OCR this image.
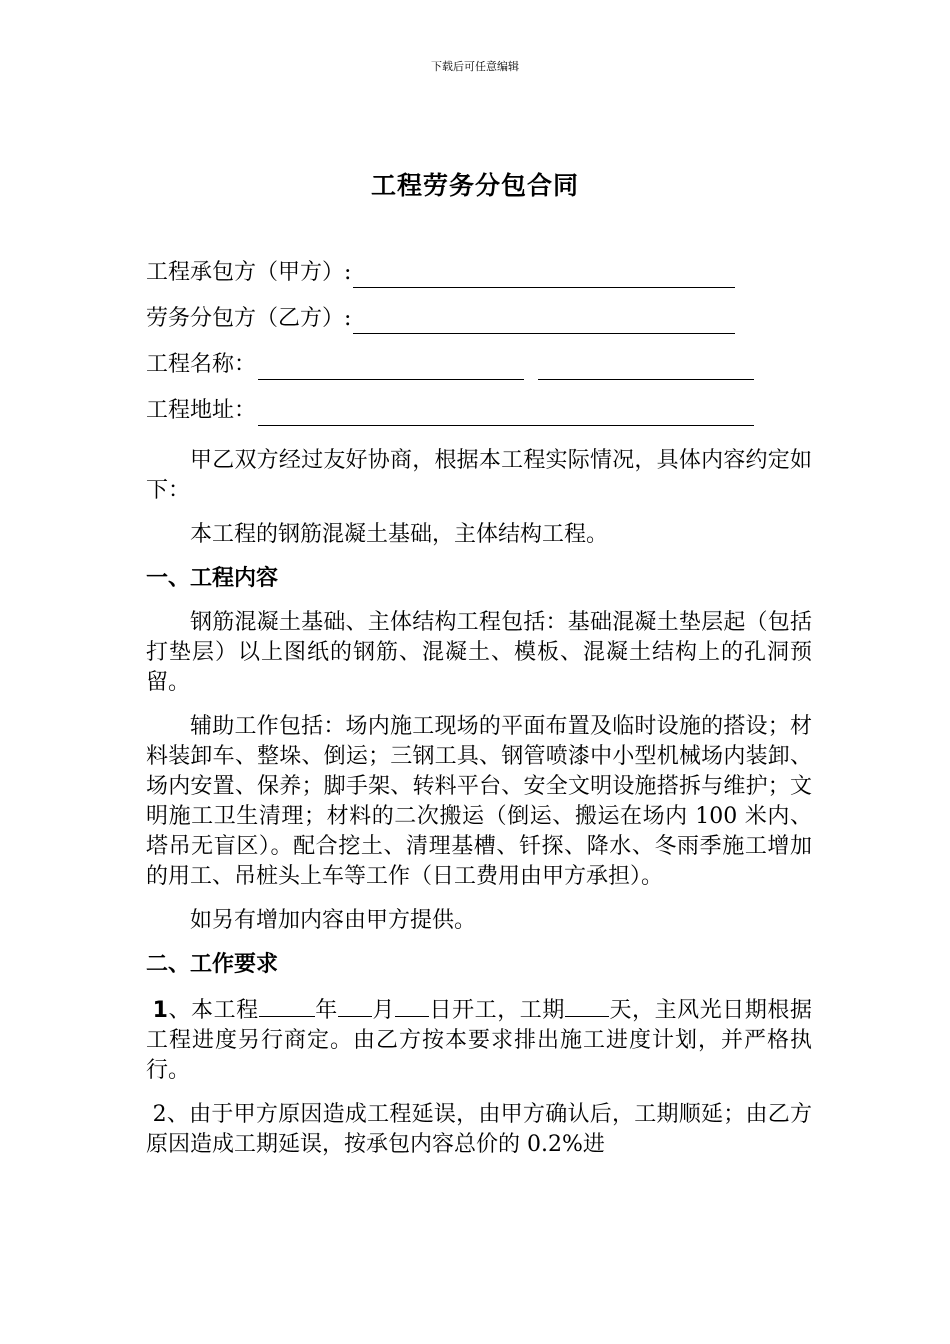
下载后可任意编辑
工程劳务分包合同
工程承包方（甲方）:
劳务分包方（乙方）:
工程名称：
工程地址：

甲乙双方经过友好协商，根据本工程实际情况，具体内容约定如下：

本工程的钢筋混凝土基础，主体结构工程。

一、工程内容

钢筋混凝土基础、主体结构工程包括：基础混凝土垫层起（包括打垫层）以上图纸的钢筋、混凝土、模板、混凝土结构上的孔洞预留。

辅助工作包括：场内施工现场的平面布置及临时设施的搭设；材料装卸车、整垛、倒运；三钢工具、钢管喷漆中小型机械场内装卸、场内安置、保养；脚手架、转料平台、安全文明设施搭拆与维护；文明施工卫生清理；材料的二次搬运（倒运、搬运在场内 100 米内、塔吊无盲区）。配合挖土、清理基槽、钎探、降水、冬雨季施工增加的用工、吊桩头上车等工作（日工费用由甲方承担）。

如另有增加内容由甲方提供。

二、工作要求

1、本工程	年 月 日开工，工期 天，主风光日期根据工程进度另行商定。由乙方按本要求排出施工进度计划，并严格执行。

2、由于甲方原因造成工程延误，由甲方确认后，工期顺延；由乙方原因造成工期延误，按承包内容总价的 0.2%进
